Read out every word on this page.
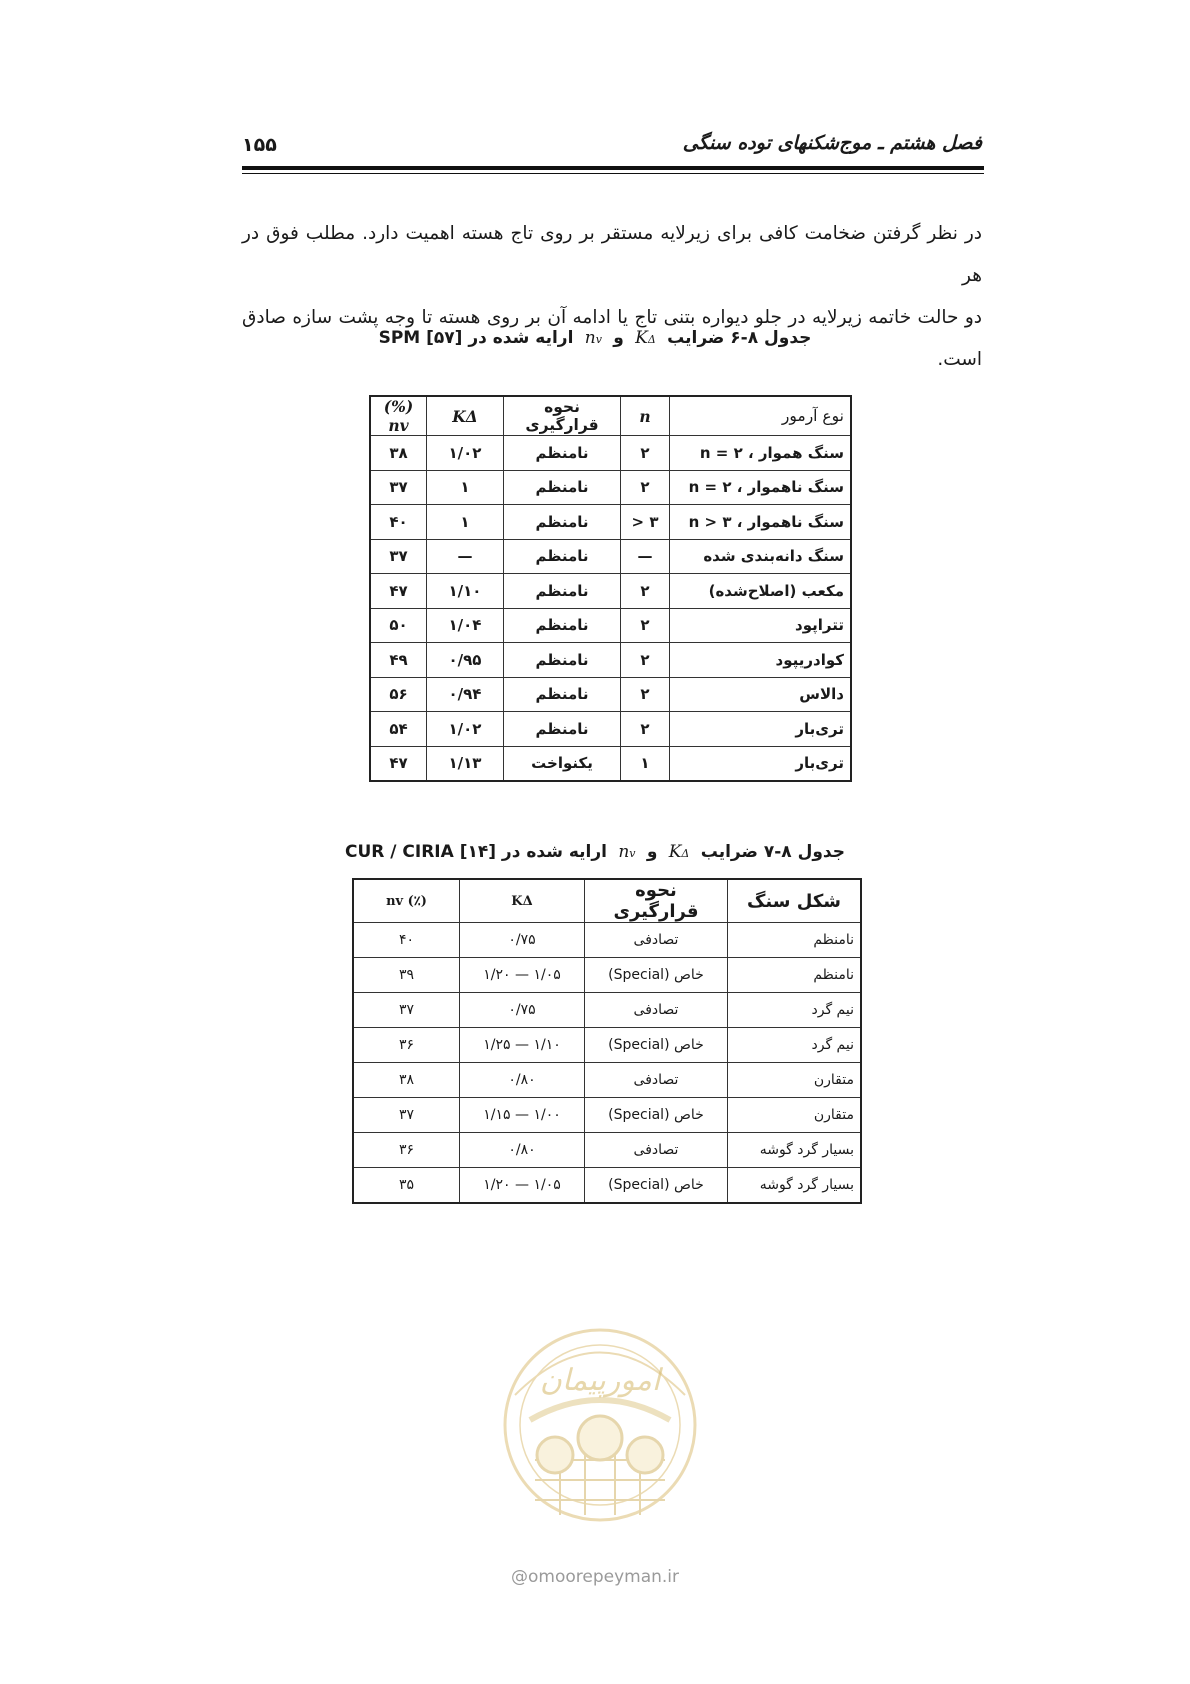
فصل هشتم ـ موج‌شکنهای توده سنگی
۱۵۵
در نظر گرفتن ضخامت کافی برای زیرلایه مستقر بر روی تاج هسته اهمیت دارد. مطلب فوق در هر
دو حالت خاتمه زیرلایه در جلو دیواره بتنی تاج یا ادامه آن بر روی هسته تا وجه پشت سازه صادق است.
جدول ۸-۶ ضرایب  KΔ  و  nv  ارایه شده در SPM [۵۷]
نوع آرمور	n	نحوه قرارگیری	KΔ	(%) nv
سنگ هموار ، n = ۲	۲	نامنظم	۱/۰۲	۳۸
سنگ ناهموار ، n = ۲	۲	نامنظم	۱	۳۷
سنگ ناهموار ، n > ۳	۳ <	نامنظم	۱	۴۰
سنگ دانه‌بندی شده	—	نامنظم	—	۳۷
مکعب (اصلاح‌شده)	۲	نامنظم	۱/۱۰	۴۷
تتراپود	۲	نامنظم	۱/۰۴	۵۰
کوادریپود	۲	نامنظم	۰/۹۵	۴۹
دالاس	۲	نامنظم	۰/۹۴	۵۶
تری‌بار	۲	نامنظم	۱/۰۲	۵۴
تری‌بار	۱	یکنواخت	۱/۱۳	۴۷
جدول ۸-۷ ضرایب  KΔ  و  nv  ارایه شده در CUR / CIRIA [۱۴]
شکل سنگ	نحوه قرارگیری	KΔ	(٪) nv
نامنظم	تصادفی	۰/۷۵	۴۰
نامنظم	خاص (Special)	۱/۰۵ — ۱/۲۰	۳۹
نیم گرد	تصادفی	۰/۷۵	۳۷
نیم گرد	خاص (Special)	۱/۱۰ — ۱/۲۵	۳۶
متقارن	تصادفی	۰/۸۰	۳۸
متقارن	خاص (Special)	۱/۰۰ — ۱/۱۵	۳۷
بسیار گرد گوشه	تصادفی	۰/۸۰	۳۶
بسیار گرد گوشه	خاص (Special)	۱/۰۵ — ۱/۲۰	۳۵
امورپیمان
@omoorepeyman.ir
